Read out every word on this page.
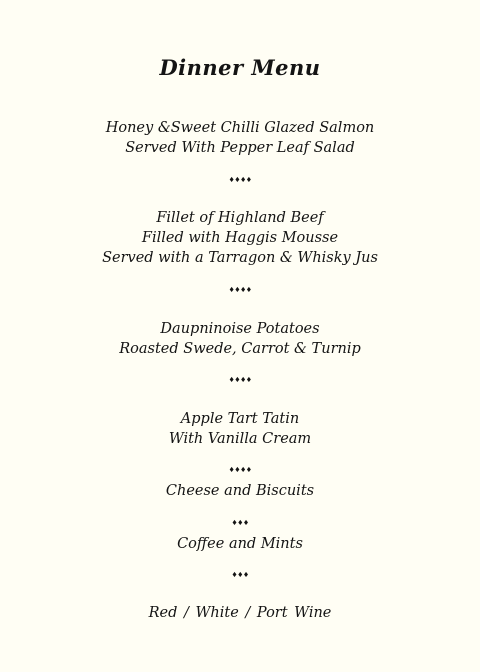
Dinner Menu
Honey &Sweet Chilli Glazed Salmon
Served With Pepper Leaf Salad
♦♦♦♦
Fillet of Highland Beef
Filled with Haggis Mousse
Served with a Tarragon & Whisky Jus
♦♦♦♦
Daupninoise Potatoes
Roasted Swede, Carrot & Turnip
♦♦♦♦
Apple Tart Tatin
With Vanilla Cream
♦♦♦♦
Cheese and Biscuits
♦♦♦
Coffee and Mints
♦♦♦
Red / White / Port Wine
